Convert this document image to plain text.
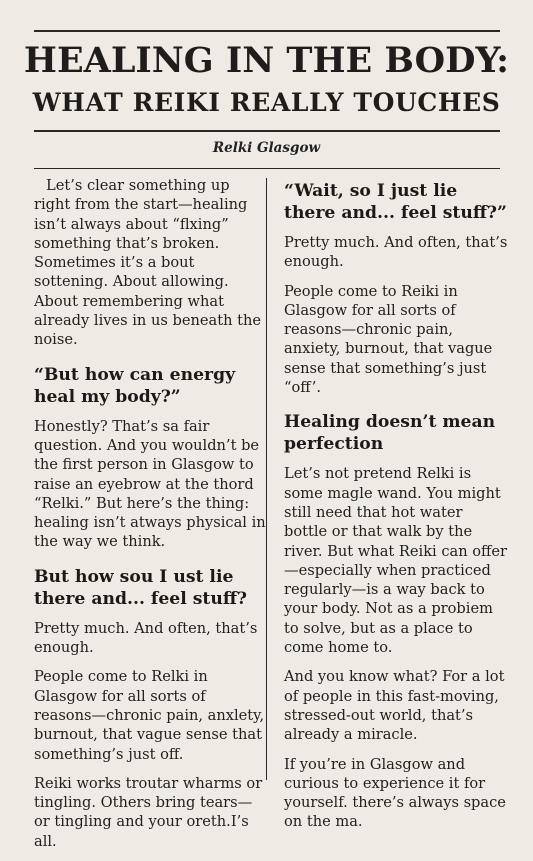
HEALING IN THE BODY:
WHAT REIKI REALLY TOUCHES
Relki Glasgow

Let’s clear something up right from the start—healing isn’t always about “flxing” something that’s broken. Sometimes it’s a bout sottening. About allowing. About remembering what already lives in us beneath the noise.

“But how can energy heal my body?”

Honestly? That’s sa fair question. And you wouldn’t be the first person in Glasgow to raise an eyebrow at the thord “Relki.” But here’s the thing: healing isn’t atways physical in the way we think.

But how sou I ust lie there and... feel stuff?

Pretty much. And often, that’s enough.

People come to Relki in Glasgow for all sorts of reasons—chronic pain, anxlety, burnout, that vague sense that something’s just off.

Reiki works troutar wharms or tingling. Others bring tears—or tingling and your oreth.I’s all.

“Wait, so I just lie there and... feel stuff?”

Pretty much. And often, that’s enough.

People come to Reiki in Glasgow for all sorts of reasons—chronic pain, anxiety, burnout, that vague sense that something’s just “off’.

Healing doesn’t mean perfection

Let’s not pretend Relki is some magle wand. You might still need that hot water bottle or that walk by the river. But what Reiki can offer—especially when practiced regularly—is a way back to your body. Not as a probiem to solve, but as a place to come home to.

And you know what? For a lot of people in this fast-moving, stressed-out world, that’s already a miracle.

If you’re in Glasgow and curious to experience it for yourself. there’s always space on the ma.
